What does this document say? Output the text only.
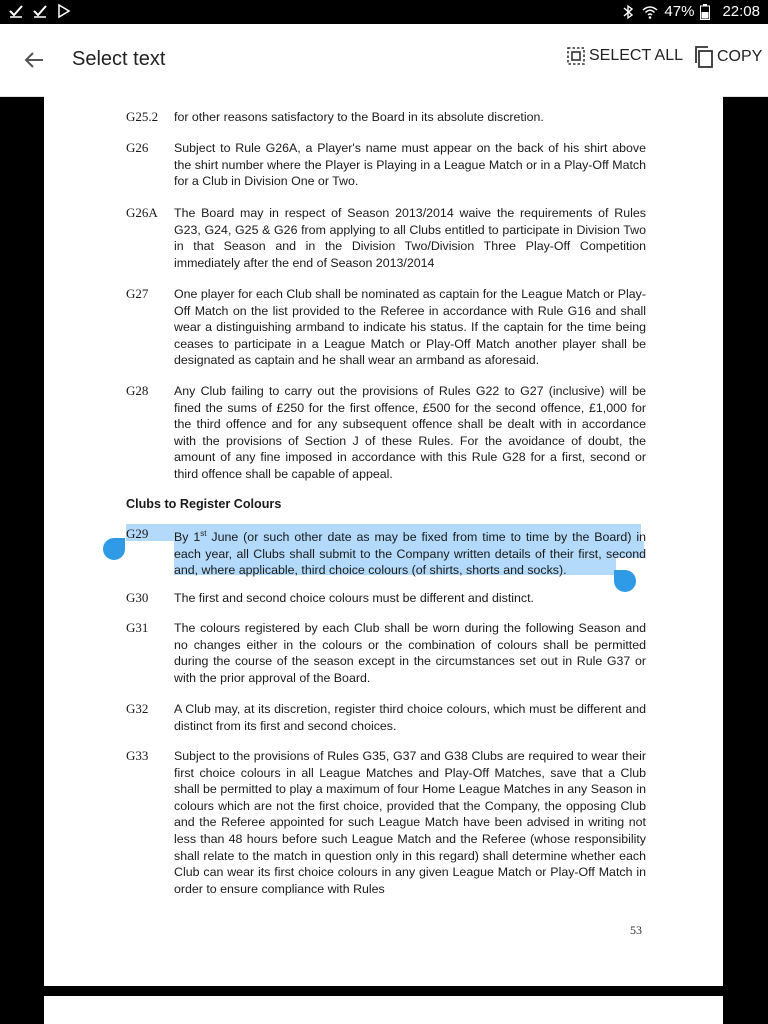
47% 22:08
Select text	SELECT ALL COPY
G25.2 for other reasons satisfactory to the Board in its absolute discretion.
G26 Subject to Rule G26A, a Player's name must appear on the back of his shirt above the shirt number where the Player is Playing in a League Match or in a Play-Off Match for a Club in Division One or Two.
G26A The Board may in respect of Season 2013/2014 waive the requirements of Rules G23, G24, G25 & G26 from applying to all Clubs entitled to participate in Division Two in that Season and in the Division Two/Division Three Play-Off Competition immediately after the end of Season 2013/2014
G27 One player for each Club shall be nominated as captain for the League Match or Play-Off Match on the list provided to the Referee in accordance with Rule G16 and shall wear a distinguishing armband to indicate his status. If the captain for the time being ceases to participate in a League Match or Play-Off Match another player shall be designated as captain and he shall wear an armband as aforesaid.
G28 Any Club failing to carry out the provisions of Rules G22 to G27 (inclusive) will be fined the sums of £250 for the first offence, £500 for the second offence, £1,000 for the third offence and for any subsequent offence shall be dealt with in accordance with the provisions of Section J of these Rules. For the avoidance of doubt, the amount of any fine imposed in accordance with this Rule G28 for a first, second or third offence shall be capable of appeal.
Clubs to Register Colours
G29 By 1st June (or such other date as may be fixed from time to time by the Board) in each year, all Clubs shall submit to the Company written details of their first, second and, where applicable, third choice colours (of shirts, shorts and socks).
G30 The first and second choice colours must be different and distinct.
G31 The colours registered by each Club shall be worn during the following Season and no changes either in the colours or the combination of colours shall be permitted during the course of the season except in the circumstances set out in Rule G37 or with the prior approval of the Board.
G32 A Club may, at its discretion, register third choice colours, which must be different and distinct from its first and second choices.
G33 Subject to the provisions of Rules G35, G37 and G38 Clubs are required to wear their first choice colours in all League Matches and Play-Off Matches, save that a Club shall be permitted to play a maximum of four Home League Matches in any Season in colours which are not the first choice, provided that the Company, the opposing Club and the Referee appointed for such League Match have been advised in writing not less than 48 hours before such League Match and the Referee (whose responsibility shall relate to the match in question only in this regard) shall determine whether each Club can wear its first choice colours in any given League Match or Play-Off Match in order to ensure compliance with Rules
53
